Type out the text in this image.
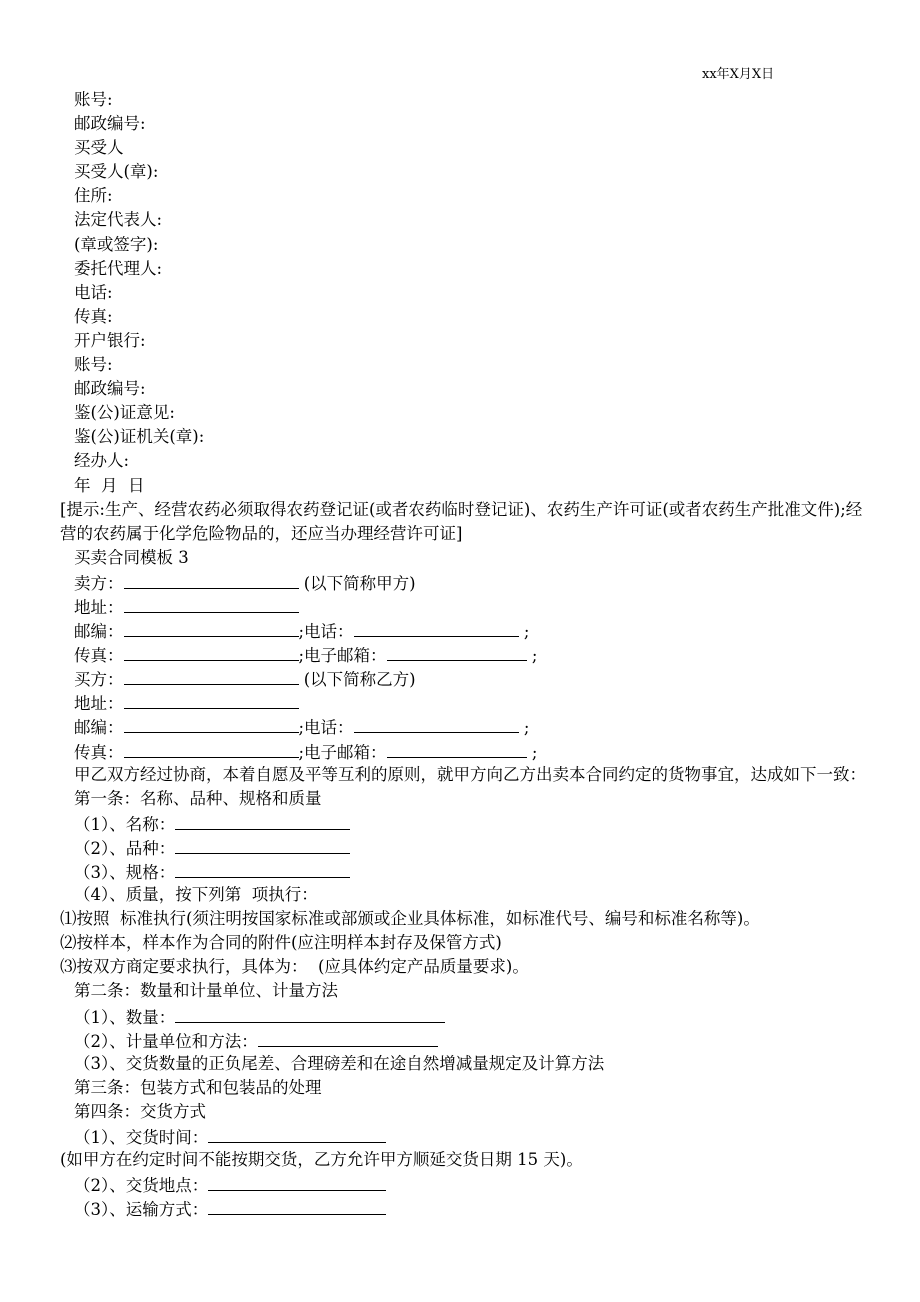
xx年X月X日
账号:
邮政编号:
买受人
买受人(章):
住所:
法定代表人:
(章或签字):
委托代理人:
电话:
传真:
开户银行:
账号:
邮政编号:
鉴(公)证意见:
鉴(公)证机关(章):
经办人:
年  月  日
[提示:生产、经营农药必须取得农药登记证(或者农药临时登记证)、农药生产许可证(或者农药生产批准文件);经营的农药属于化学危险物品的，还应当办理经营许可证]
买卖合同模板 3
卖方：	(以下简称甲方)
地址：
邮编：	;电话：	;
传真：	;电子邮箱：	;
买方：	(以下简称乙方)
地址：
邮编：	;电话：	;
传真：	;电子邮箱：	;
甲乙双方经过协商，本着自愿及平等互利的原则，就甲方向乙方出卖本合同约定的货物事宜，达成如下一致：
第一条：名称、品种、规格和质量
（1）、名称：
（2）、品种：
（3）、规格：
（4）、质量，按下列第  项执行：
⑴按照  标准执行(须注明按国家标准或部颁或企业具体标准，如标准代号、编号和标准名称等)。
⑵按样本，样本作为合同的附件(应注明样本封存及保管方式)
⑶按双方商定要求执行，具体为：  (应具体约定产品质量要求)。
第二条：数量和计量单位、计量方法
（1）、数量：
（2）、计量单位和方法：
（3）、交货数量的正负尾差、合理磅差和在途自然增减量规定及计算方法
第三条：包装方式和包装品的处理
第四条：交货方式
（1）、交货时间：
(如甲方在约定时间不能按期交货，乙方允许甲方顺延交货日期 15 天)。
（2）、交货地点：
（3）、运输方式：
